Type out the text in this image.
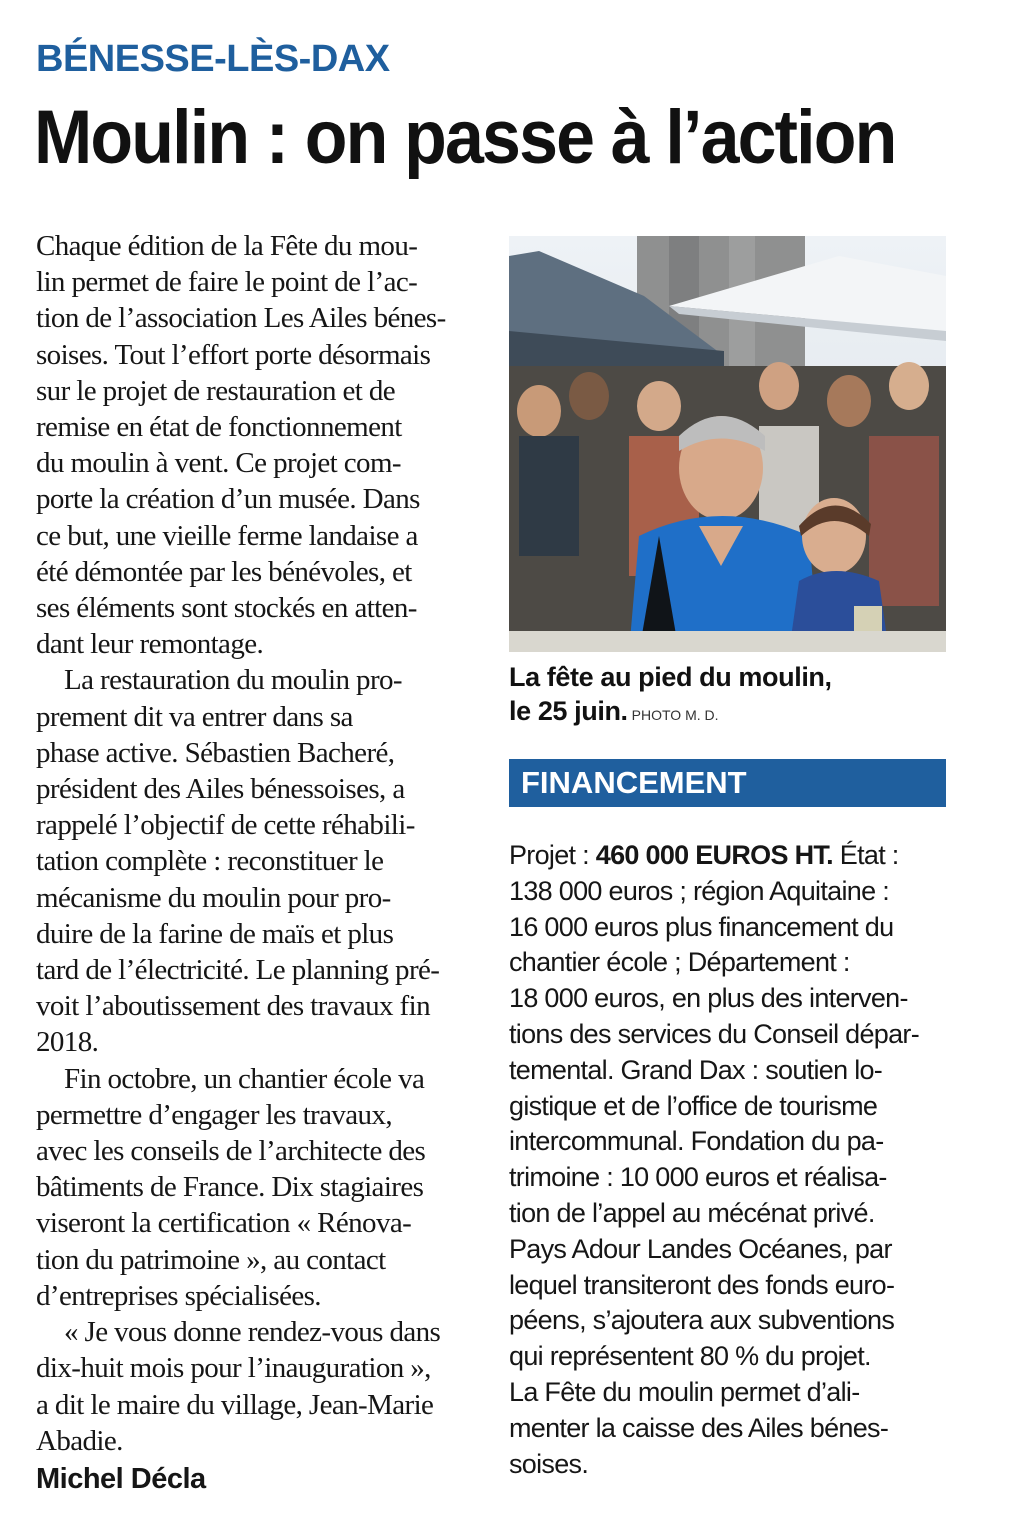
BÉNESSE-LÈS-DAX
Moulin : on passe à l’action

Chaque édition de la Fête du mou-
lin permet de faire le point de l’ac-
tion de l’association Les Ailes bénes-
soises. Tout l’effort porte désormais
sur le projet de restauration et de
remise en état de fonctionnement
du moulin à vent. Ce projet com-
porte la création d’un musée. Dans
ce but, une vieille ferme landaise a
été démontée par les bénévoles, et
ses éléments sont stockés en atten-
dant leur remontage.

La restauration du moulin pro-
prement dit va entrer dans sa
phase active. Sébastien Bacheré,
président des Ailes bénessoises, a
rappelé l’objectif de cette réhabili-
tation complète : reconstituer le
mécanisme du moulin pour pro-
duire de la farine de maïs et plus
tard de l’électricité. Le planning pré-
voit l’aboutissement des travaux fin
2018.

Fin octobre, un chantier école va
permettre d’engager les travaux,
avec les conseils de l’architecte des
bâtiments de France. Dix stagiaires
viseront la certification « Rénova-
tion du patrimoine », au contact
d’entreprises spécialisées.

« Je vous donne rendez-vous dans
dix-huit mois pour l’inauguration »,
a dit le maire du village, Jean-Marie
Abadie.

Michel Décla
La fête au pied du moulin,
le 25 juin. PHOTO M. D.
FINANCEMENT
Projet : 460 000 EUROS HT. État :
138 000 euros ; région Aquitaine :
16 000 euros plus financement du
chantier école ; Département :
18 000 euros, en plus des interven-
tions des services du Conseil dépar-
temental. Grand Dax : soutien lo-
gistique et de l’office de tourisme
intercommunal. Fondation du pa-
trimoine : 10 000 euros et réalisa-
tion de l’appel au mécénat privé.
Pays Adour Landes Océanes, par
lequel transiteront des fonds euro-
péens, s’ajoutera aux subventions
qui représentent 80 % du projet.
La Fête du moulin permet d’ali-
menter la caisse des Ailes bénes-
soises.
